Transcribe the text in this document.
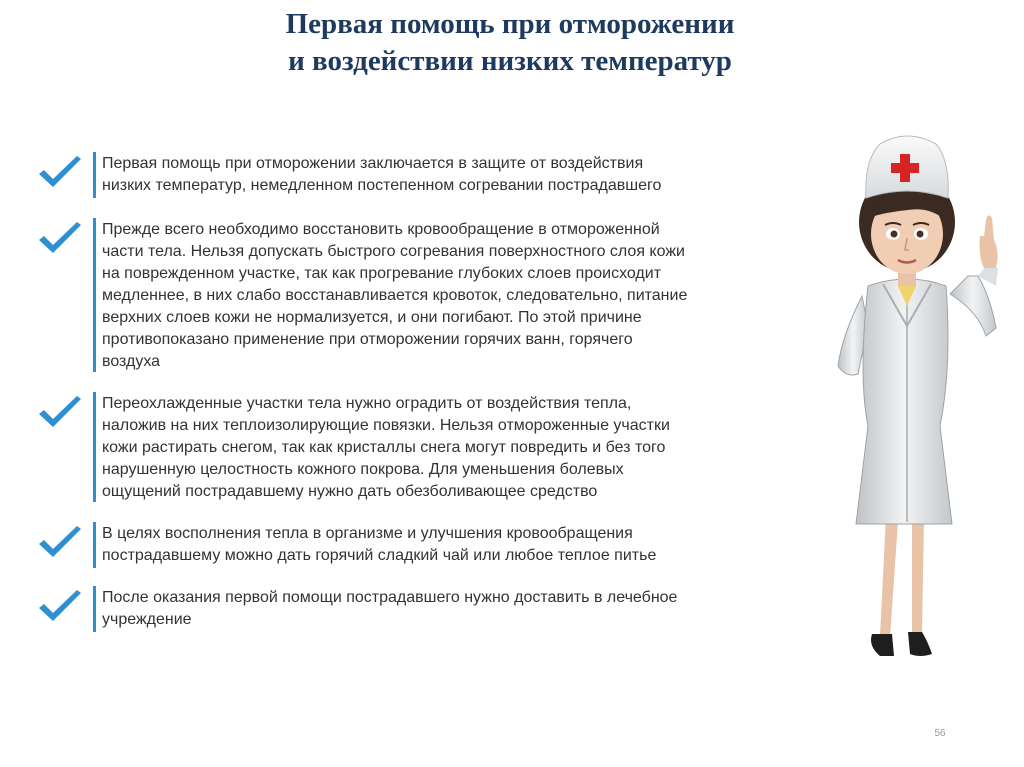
Первая помощь при отморожении
и воздействии низких температур
Первая помощь при отморожении заключается в защите от воздействия
низких температур, немедленном постепенном согревании пострадавшего
Прежде всего необходимо восстановить кровообращение в отмороженной
части тела. Нельзя допускать быстрого согревания поверхностного слоя кожи
на поврежденном участке, так как прогревание глубоких слоев происходит
медленнее, в них слабо восстанавливается кровоток, следовательно, питание
верхних слоев кожи не нормализуется, и они погибают. По этой причине
противопоказано применение при отморожении горячих ванн, горячего
воздуха
Переохлажденные участки тела нужно оградить от воздействия тепла,
наложив на них теплоизолирующие повязки. Нельзя отмороженные участки
кожи растирать снегом, так как кристаллы снега могут повредить и без того
нарушенную целостность кожного покрова. Для уменьшения болевых
ощущений пострадавшему нужно дать обезболивающее средство
В целях восполнения тепла в организме и улучшения кровообращения
пострадавшему можно дать горячий сладкий чай или любое теплое питье
После оказания первой помощи пострадавшего нужно доставить в лечебное
учреждение
56
